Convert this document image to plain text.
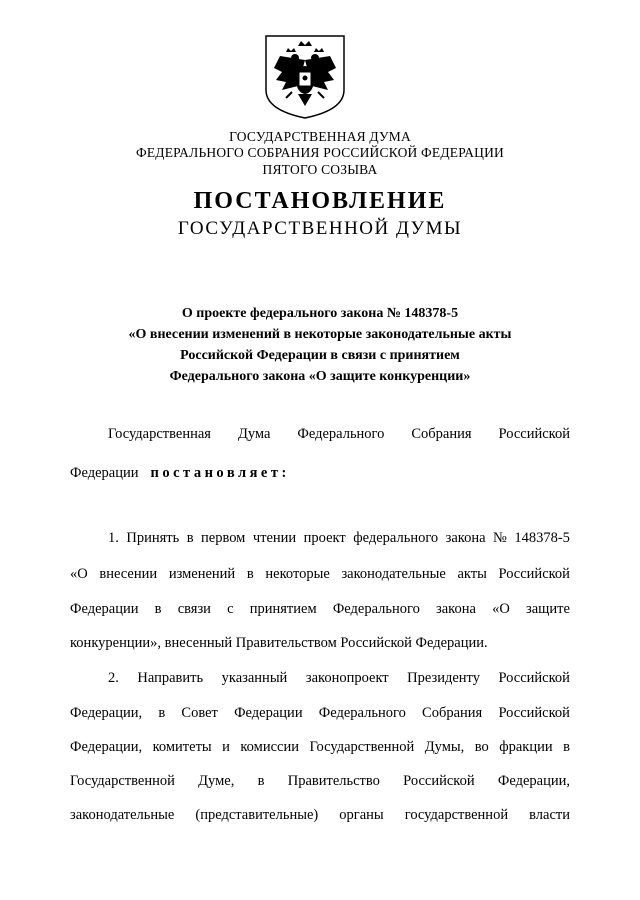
ГОСУДАРСТВЕННАЯ ДУМА
ФЕДЕРАЛЬНОГО СОБРАНИЯ РОССИЙСКОЙ ФЕДЕРАЦИИ
ПЯТОГО СОЗЫВА
ПОСТАНОВЛЕНИЕ
ГОСУДАРСТВЕННОЙ ДУМЫ
О проекте федерального закона № 148378-5
«О внесении изменений в некоторые законодательные акты
Российской Федерации в связи с принятием
Федерального закона «О защите конкуренции»
Государственная Дума Федерального Собрания Российской
Федерации постановляет:
1. Принять в первом чтении проект федерального закона № 148378-5
«О внесении изменений в некоторые законодательные акты Российской
Федерации в связи с принятием Федерального закона «О защите
конкуренции», внесенный Правительством Российской Федерации.
2. Направить указанный законопроект Президенту Российской
Федерации, в Совет Федерации Федерального Собрания Российской
Федерации, комитеты и комиссии Государственной Думы, во фракции в
Государственной Думе, в Правительство Российской Федерации,
законодательные (представительные) органы государственной власти
